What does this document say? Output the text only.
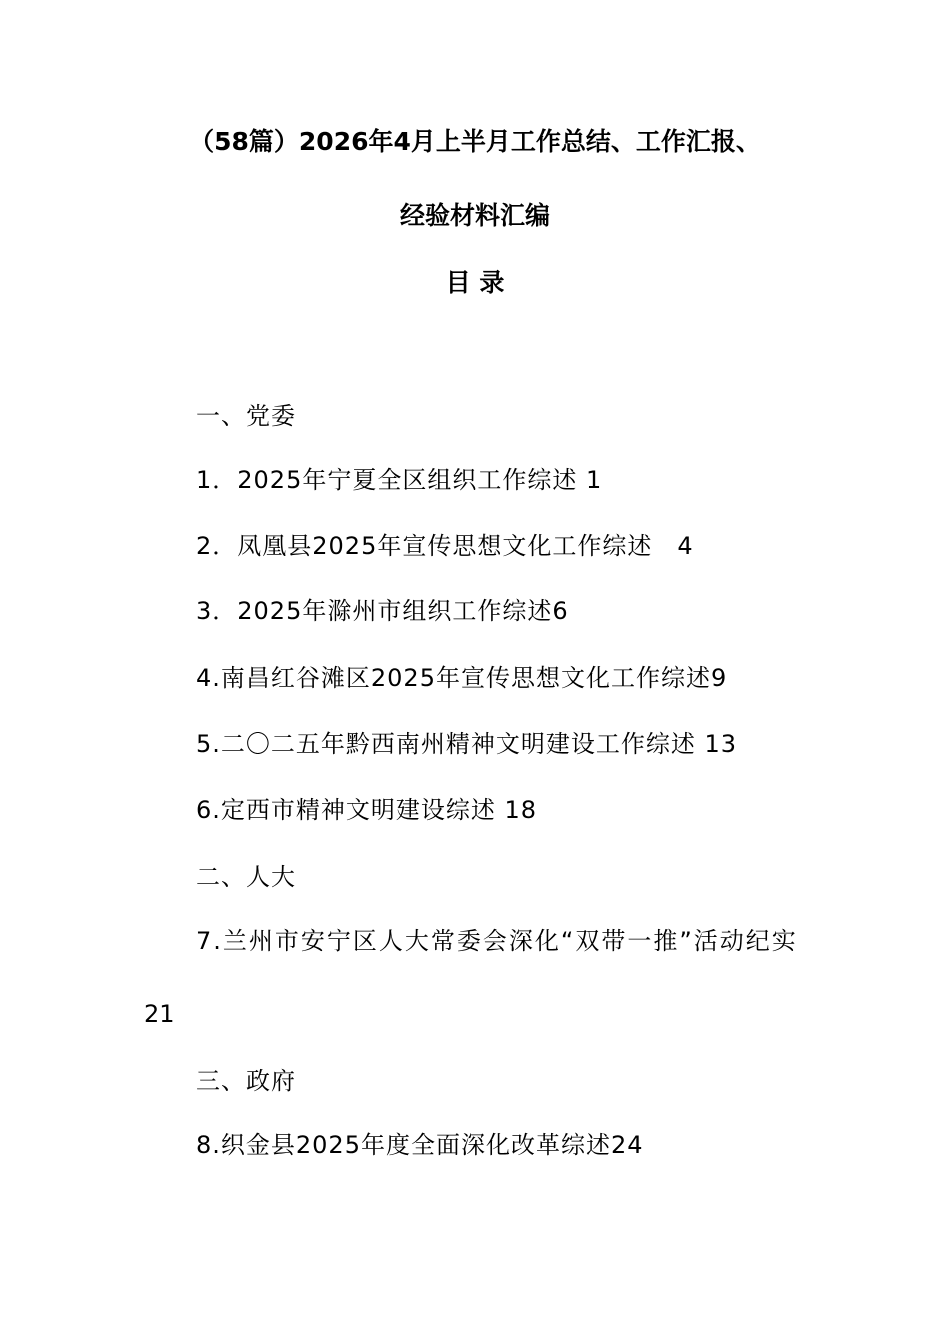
（58篇）2026年4月上半月工作总结、工作汇报、
经验材料汇编
目 录
一、党委
1．2025年宁夏全区组织工作综述 1
2．凤凰县2025年宣传思想文化工作综述　4
3．2025年滁州市组织工作综述6
4.南昌红谷滩区2025年宣传思想文化工作综述9
5.二〇二五年黔西南州精神文明建设工作综述 13
6.定西市精神文明建设综述 18
二、人大
7.兰州市安宁区人大常委会深化“双带一推”活动纪实
21
三、政府
8.织金县2025年度全面深化改革综述24
